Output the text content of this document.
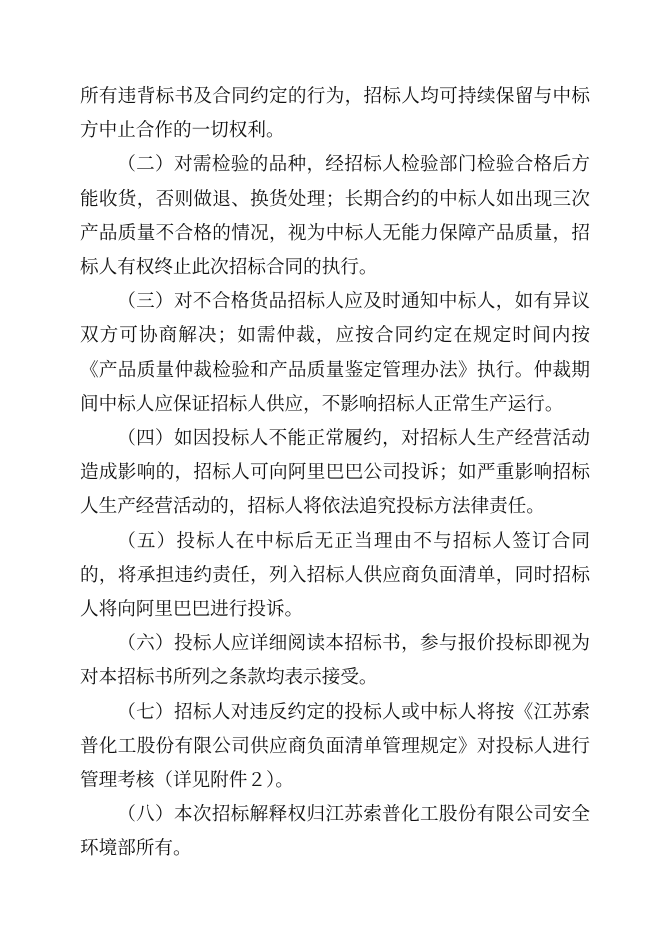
所有违背标书及合同约定的行为，招标人均可持续保留与中标方中止合作的一切权利。

（二）对需检验的品种，经招标人检验部门检验合格后方能收货，否则做退、换货处理；长期合约的中标人如出现三次产品质量不合格的情况，视为中标人无能力保障产品质量，招标人有权终止此次招标合同的执行。

（三）对不合格货品招标人应及时通知中标人，如有异议双方可协商解决；如需仲裁，应按合同约定在规定时间内按《产品质量仲裁检验和产品质量鉴定管理办法》执行。仲裁期间中标人应保证招标人供应，不影响招标人正常生产运行。

（四）如因投标人不能正常履约，对招标人生产经营活动造成影响的，招标人可向阿里巴巴公司投诉；如严重影响招标人生产经营活动的，招标人将依法追究投标方法律责任。

（五）投标人在中标后无正当理由不与招标人签订合同的，将承担违约责任，列入招标人供应商负面清单，同时招标人将向阿里巴巴进行投诉。

（六）投标人应详细阅读本招标书，参与报价投标即视为对本招标书所列之条款均表示接受。

（七）招标人对违反约定的投标人或中标人将按《江苏索普化工股份有限公司供应商负面清单管理规定》对投标人进行管理考核（详见附件２）。

（八）本次招标解释权归江苏索普化工股份有限公司安全环境部所有。
